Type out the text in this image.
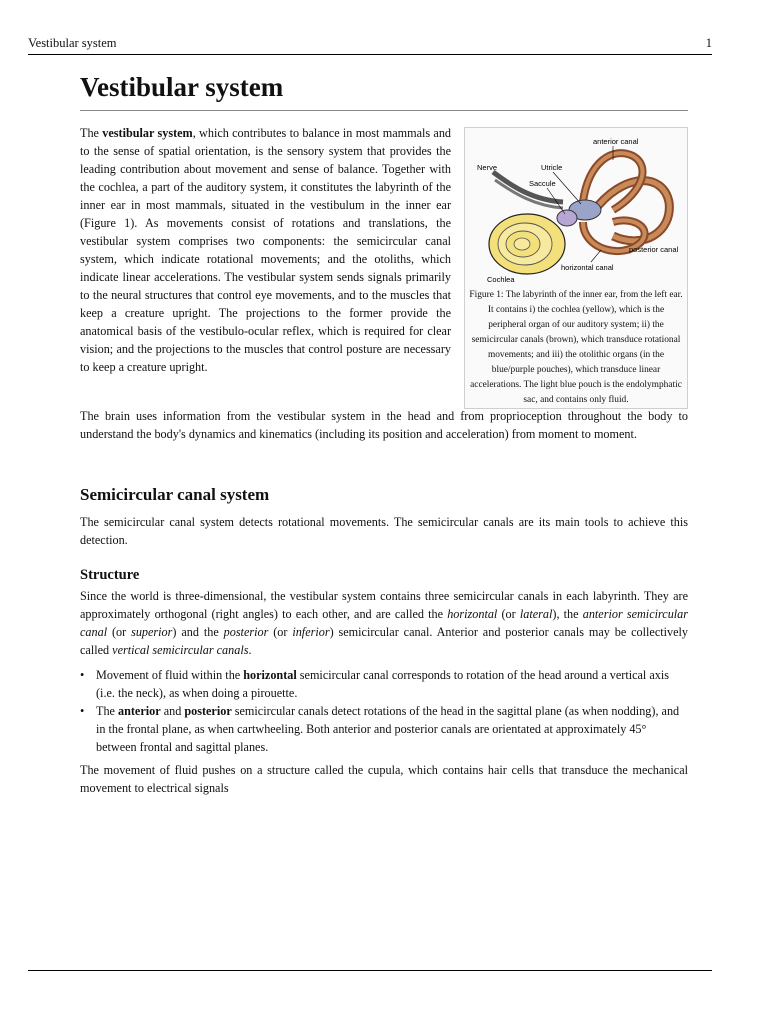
Vestibular system	1
Vestibular system

The vestibular system, which contributes to balance in most mammals and to the sense of spatial orientation, is the sensory system that provides the leading contribution about movement and sense of balance. Together with the cochlea, a part of the auditory system, it constitutes the labyrinth of the inner ear in most mammals, situated in the vestibulum in the inner ear (Figure 1). As movements consist of rotations and translations, the vestibular system comprises two components: the semicircular canal system, which indicate rotational movements; and the otoliths, which indicate linear accelerations. The vestibular system sends signals primarily to the neural structures that control eye movements, and to the muscles that keep a creature upright. The projections to the former provide the anatomical basis of the vestibulo-ocular reflex, which is required for clear vision; and the projections to the muscles that control posture are necessary to keep a creature upright.

anterior canal
Nerve	Utricle
Saccule
posterior canal
horizontal canal
Cochlea
Figure 1: The labyrinth of the inner ear, from the left ear. It contains i) the cochlea (yellow), which is the peripheral organ of our auditory system; ii) the semicircular canals (brown), which transduce rotational movements; and iii) the otolithic organs (in the blue/purple pouches), which transduce linear accelerations. The light blue pouch is the endolymphatic sac, and contains only fluid.

The brain uses information from the vestibular system in the head and from proprioception throughout the body to understand the body's dynamics and kinematics (including its position and acceleration) from moment to moment.

Semicircular canal system

The semicircular canal system detects rotational movements. The semicircular canals are its main tools to achieve this detection.

Structure

Since the world is three-dimensional, the vestibular system contains three semicircular canals in each labyrinth. They are approximately orthogonal (right angles) to each other, and are called the horizontal (or lateral), the anterior semicircular canal (or superior) and the posterior (or inferior) semicircular canal. Anterior and posterior canals may be collectively called vertical semicircular canals.

• Movement of fluid within the horizontal semicircular canal corresponds to rotation of the head around a vertical axis (i.e. the neck), as when doing a pirouette.
• The anterior and posterior semicircular canals detect rotations of the head in the sagittal plane (as when nodding), and in the frontal plane, as when cartwheeling. Both anterior and posterior canals are orientated at approximately 45° between frontal and sagittal planes.

The movement of fluid pushes on a structure called the cupula, which contains hair cells that transduce the mechanical movement to electrical signals
